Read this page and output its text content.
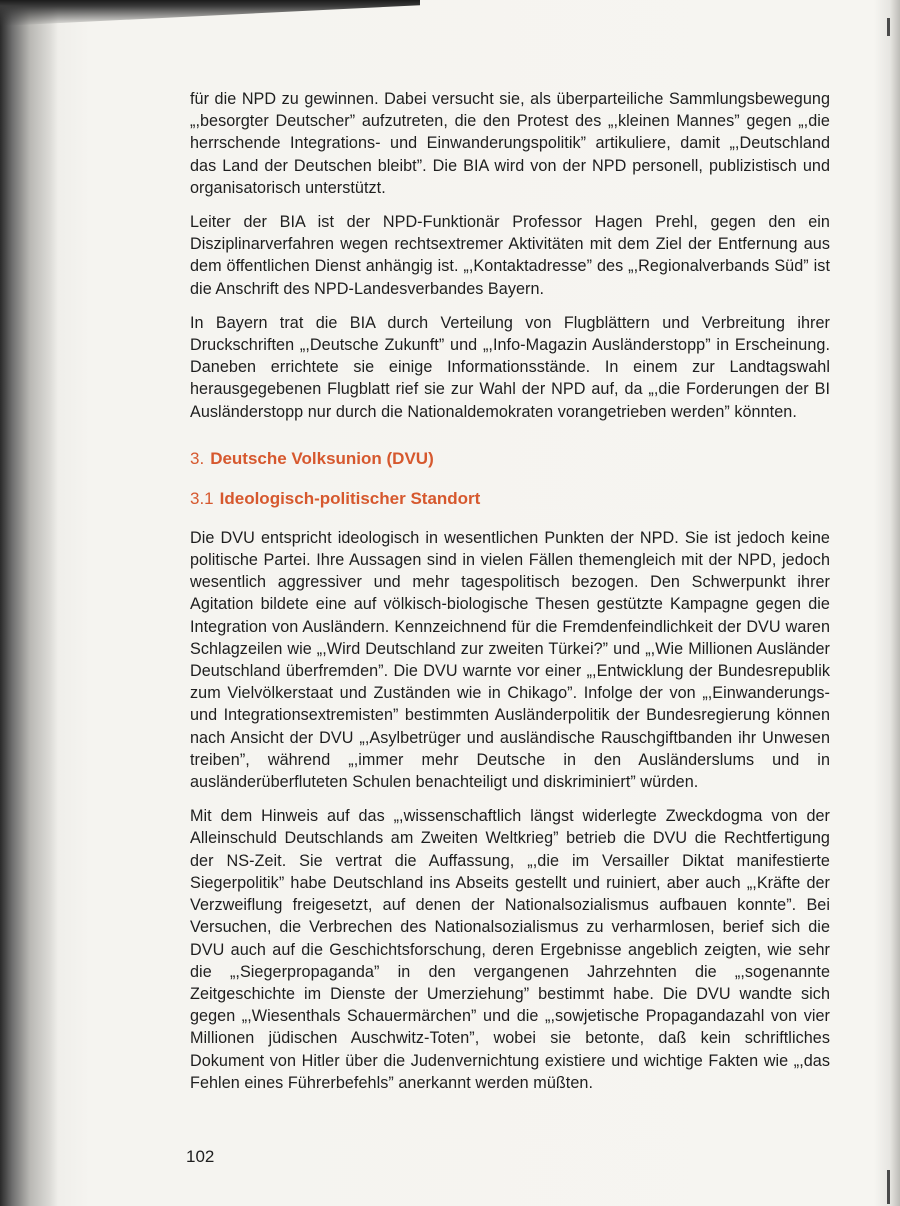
für die NPD zu gewinnen. Dabei versucht sie, als überparteiliche Sammlungsbewegung „,besorgter Deutscher” aufzutreten, die den Protest des „,kleinen Mannes” gegen „,die herrschende Integrations- und Einwanderungspolitik” artikuliere, damit „,Deutschland das Land der Deutschen bleibt”. Die BIA wird von der NPD personell, publizistisch und organisatorisch unterstützt.

Leiter der BIA ist der NPD-Funktionär Professor Hagen Prehl, gegen den ein Disziplinarverfahren wegen rechtsextremer Aktivitäten mit dem Ziel der Entfernung aus dem öffentlichen Dienst anhängig ist. „,Kontaktadresse” des „,Regionalverbands Süd” ist die Anschrift des NPD-Landesverbandes Bayern.

In Bayern trat die BIA durch Verteilung von Flugblättern und Verbreitung ihrer Druckschriften „,Deutsche Zukunft” und „,Info-Magazin Ausländerstopp” in Erscheinung. Daneben errichtete sie einige Informationsstände. In einem zur Landtagswahl herausgegebenen Flugblatt rief sie zur Wahl der NPD auf, da „,die Forderungen der BI Ausländerstopp nur durch die Nationaldemokraten vorangetrieben werden” könnten.

3. Deutsche Volksunion (DVU)
3.1 Ideologisch-politischer Standort

Die DVU entspricht ideologisch in wesentlichen Punkten der NPD. Sie ist jedoch keine politische Partei. Ihre Aussagen sind in vielen Fällen themengleich mit der NPD, jedoch wesentlich aggressiver und mehr tagespolitisch bezogen. Den Schwerpunkt ihrer Agitation bildete eine auf völkisch-biologische Thesen gestützte Kampagne gegen die Integration von Ausländern. Kennzeichnend für die Fremdenfeindlichkeit der DVU waren Schlagzeilen wie „,Wird Deutschland zur zweiten Türkei?” und „,Wie Millionen Ausländer Deutschland überfremden”. Die DVU warnte vor einer „,Entwicklung der Bundesrepublik zum Vielvölkerstaat und Zuständen wie in Chikago”. Infolge der von „,Einwanderungs- und Integrationsextremisten” bestimmten Ausländerpolitik der Bundesregierung können nach Ansicht der DVU „,Asylbetrüger und ausländische Rauschgiftbanden ihr Unwesen treiben”, während „,immer mehr Deutsche in den Ausländerslums und in ausländerüberfluteten Schulen benachteiligt und diskriminiert” würden.

Mit dem Hinweis auf das „,wissenschaftlich längst widerlegte Zweckdogma von der Alleinschuld Deutschlands am Zweiten Weltkrieg” betrieb die DVU die Rechtfertigung der NS-Zeit. Sie vertrat die Auffassung, „,die im Versailler Diktat manifestierte Siegerpolitik” habe Deutschland ins Abseits gestellt und ruiniert, aber auch „,Kräfte der Verzweiflung freigesetzt, auf denen der Nationalsozialismus aufbauen konnte”. Bei Versuchen, die Verbrechen des Nationalsozialismus zu verharmlosen, berief sich die DVU auch auf die Geschichtsforschung, deren Ergebnisse angeblich zeigten, wie sehr die „,Siegerpropaganda” in den vergangenen Jahrzehnten die „,sogenannte Zeitgeschichte im Dienste der Umerziehung” bestimmt habe. Die DVU wandte sich gegen „,Wiesenthals Schauermärchen” und die „,sowjetische Propagandazahl von vier Millionen jüdischen Auschwitz-Toten”, wobei sie betonte, daß kein schriftliches Dokument von Hitler über die Judenvernichtung existiere und wichtige Fakten wie „,das Fehlen eines Führerbefehls” anerkannt werden müßten.

102
